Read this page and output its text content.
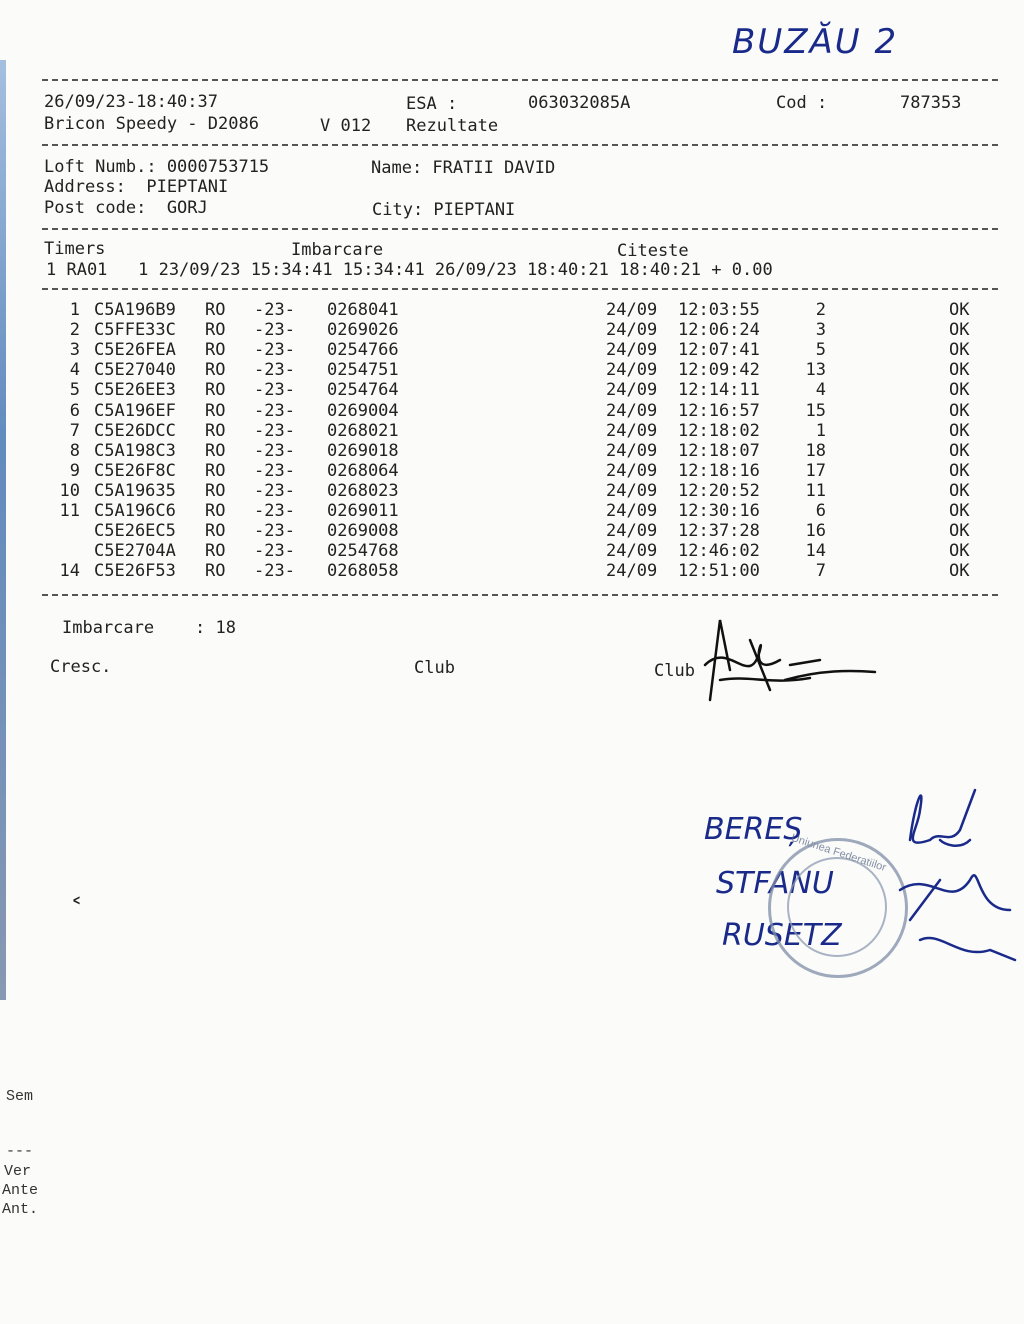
BUZĂU 2
26/09/23-18:40:37	ESA :	063032085A	Cod :	787353
Bricon Speedy - D2086	V 012 Rezultate
Loft Numb.: 0000753715	Name: FRATII DAVID
Address:  PIEPTANI
Post code:  GORJ	City: PIEPTANI
Timers	Imbarcare	Citeste
1 RA01   1 23/09/23 15:34:41 15:34:41 26/09/23 18:40:21 18:40:21 + 0.00
1 C5A196B9 RO -23- 0268041	24/09 12:03:55	2	OK
2 C5FFE33C RO -23- 0269026	24/09 12:06:24	3	OK
3 C5E26FEA RO -23- 0254766	24/09 12:07:41	5	OK
4 C5E27040 RO -23- 0254751	24/09 12:09:42	13	OK
5 C5E26EE3 RO -23- 0254764	24/09 12:14:11	4	OK
6 C5A196EF RO -23- 0269004	24/09 12:16:57	15	OK
7 C5E26DCC RO -23- 0268021	24/09 12:18:02	1	OK
8 C5A198C3 RO -23- 0269018	24/09 12:18:07	18	OK
9 C5E26F8C RO -23- 0268064	24/09 12:18:16	17	OK
10 C5A19635 RO -23- 0268023	24/09 12:20:52	11	OK
11 C5A196C6 RO -23- 0269011	24/09 12:30:16	6	OK
C5E26EC5 RO -23- 0269008	24/09 12:37:28	16	OK
C5E2704A RO -23- 0254768	24/09 12:46:02	14	OK
14 C5E26F53 RO -23- 0268058	24/09 12:51:00	7	OK
Imbarcare    : 18
Cresc.	Club	Club
BEREȘ
STFANU
RUSETZ
Uniunea Federatiilor
˂
Sem
---
Ver
Ante
Ant.
